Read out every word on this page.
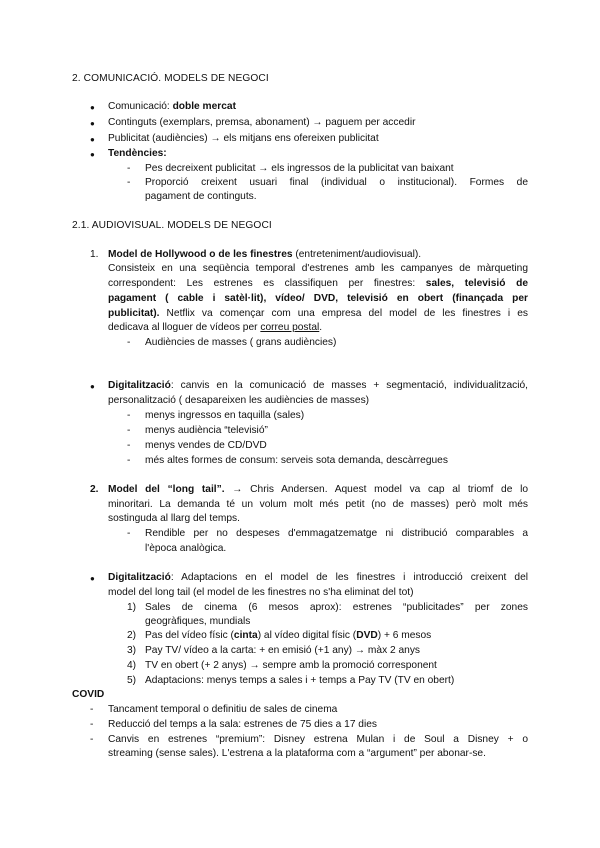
2. COMUNICACIÓ. MODELS DE NEGOCI
● Comunicació: doble mercat
● Continguts (exemplars, premsa, abonament) → paguem per accedir
● Publicitat (audiències) → els mitjans ens ofereixen publicitat
● Tendències:
- Pes decreixent publicitat → els ingressos de la publicitat van baixant
- Proporció creixent usuari final (individual o institucional). Formes de
pagament de continguts.
2.1. AUDIOVISUAL. MODELS DE NEGOCI
1. Model de Hollywood o de les finestres (entreteniment/audiovisual).
Consisteix en una seqüència temporal d'estrenes amb les campanyes de màrqueting
correspondent: Les estrenes es classifiquen per finestres: sales, televisió de
pagament ( cable i satèl·lit), vídeo/ DVD, televisió en obert (finançada per
publicitat). Netflix va començar com una empresa del model de les finestres i es
dedicava al lloguer de vídeos per correu postal.
- Audiències de masses ( grans audiències)
● Digitalització: canvis en la comunicació de masses + segmentació, individualització,
personalització ( desapareixen les audiències de masses)
- menys ingressos en taquilla (sales)
- menys audiència “televisió”
- menys vendes de CD/DVD
- més altes formes de consum: serveis sota demanda, descàrregues
2. Model del “long tail”. → Chris Andersen. Aquest model va cap al triomf de lo
minoritari. La demanda té un volum molt més petit (no de masses) però molt més
sostinguda al llarg del temps.
- Rendible per no despeses d'emmagatzematge ni distribució comparables a
l'època analògica.
● Digitalització: Adaptacions en el model de les finestres i introducció creixent del
model del long tail (el model de les finestres no s'ha eliminat del tot)
1) Sales de cinema (6 mesos aprox): estrenes “publicitades” per zones
geogràfiques, mundials
2) Pas del vídeo físic (cinta) al vídeo digital físic (DVD) + 6 mesos
3) Pay TV/ vídeo a la carta: + en emisió (+1 any) → màx 2 anys
4) TV en obert (+ 2 anys) → sempre amb la promoció corresponent
5) Adaptacions: menys temps a sales i + temps a Pay TV (TV en obert)
COVID
- Tancament temporal o definitiu de sales de cinema
- Reducció del temps a la sala: estrenes de 75 dies a 17 dies
- Canvis en estrenes “premium”: Disney estrena Mulan i de Soul a Disney + o
streaming (sense sales). L'estrena a la plataforma com a “argument” per abonar-se.
